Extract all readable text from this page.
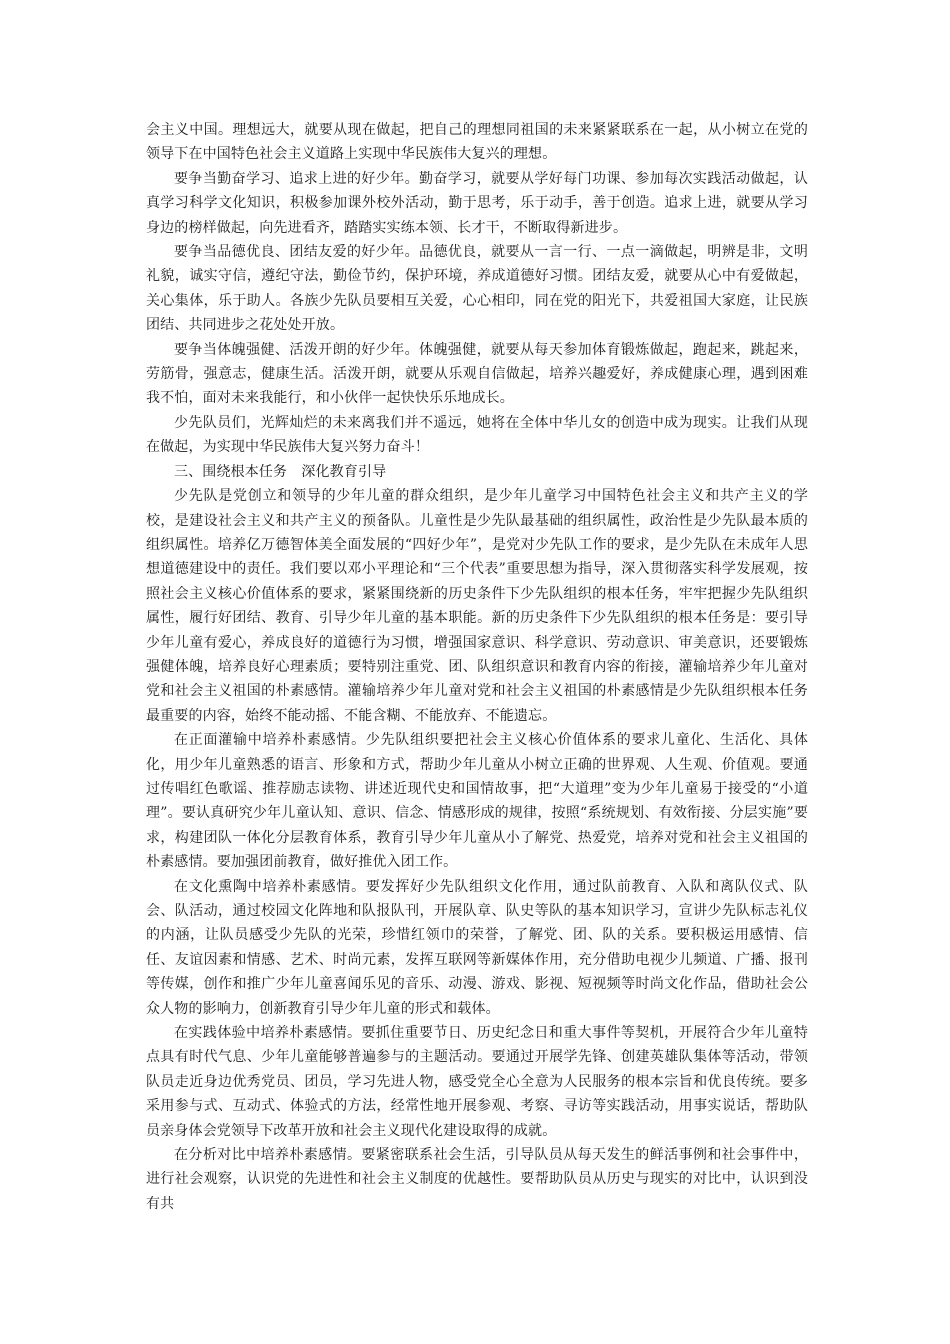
会主义中国。理想远大，就要从现在做起，把自己的理想同祖国的未来紧紧联系在一起，从小树立在党的领导下在中国特色社会主义道路上实现中华民族伟大复兴的理想。

要争当勤奋学习、追求上进的好少年。勤奋学习，就要从学好每门功课、参加每次实践活动做起，认真学习科学文化知识，积极参加课外校外活动，勤于思考，乐于动手，善于创造。追求上进，就要从学习身边的榜样做起，向先进看齐，踏踏实实练本领、长才干，不断取得新进步。

要争当品德优良、团结友爱的好少年。品德优良，就要从一言一行、一点一滴做起，明辨是非，文明礼貌，诚实守信，遵纪守法，勤俭节约，保护环境，养成道德好习惯。团结友爱，就要从心中有爱做起，关心集体，乐于助人。各族少先队员要相互关爱，心心相印，同在党的阳光下，共爱祖国大家庭，让民族团结、共同进步之花处处开放。

要争当体魄强健、活泼开朗的好少年。体魄强健，就要从每天参加体育锻炼做起，跑起来，跳起来，劳筋骨，强意志，健康生活。活泼开朗，就要从乐观自信做起，培养兴趣爱好，养成健康心理，遇到困难我不怕，面对未来我能行，和小伙伴一起快快乐乐地成长。

少先队员们，光辉灿烂的未来离我们并不遥远，她将在全体中华儿女的创造中成为现实。让我们从现在做起，为实现中华民族伟大复兴努力奋斗！

三、围绕根本任务　深化教育引导

少先队是党创立和领导的少年儿童的群众组织，是少年儿童学习中国特色社会主义和共产主义的学校，是建设社会主义和共产主义的预备队。儿童性是少先队最基础的组织属性，政治性是少先队最本质的组织属性。培养亿万德智体美全面发展的“四好少年”，是党对少先队工作的要求，是少先队在未成年人思想道德建设中的责任。我们要以邓小平理论和“三个代表”重要思想为指导，深入贯彻落实科学发展观，按照社会主义核心价值体系的要求，紧紧围绕新的历史条件下少先队组织的根本任务，牢牢把握少先队组织属性，履行好团结、教育、引导少年儿童的基本职能。新的历史条件下少先队组织的根本任务是：要引导少年儿童有爱心，养成良好的道德行为习惯，增强国家意识、科学意识、劳动意识、审美意识，还要锻炼强健体魄，培养良好心理素质；要特别注重党、团、队组织意识和教育内容的衔接，灌输培养少年儿童对党和社会主义祖国的朴素感情。灌输培养少年儿童对党和社会主义祖国的朴素感情是少先队组织根本任务最重要的内容，始终不能动摇、不能含糊、不能放弃、不能遗忘。

在正面灌输中培养朴素感情。少先队组织要把社会主义核心价值体系的要求儿童化、生活化、具体化，用少年儿童熟悉的语言、形象和方式，帮助少年儿童从小树立正确的世界观、人生观、价值观。要通过传唱红色歌谣、推荐励志读物、讲述近现代史和国情故事，把“大道理”变为少年儿童易于接受的“小道理”。要认真研究少年儿童认知、意识、信念、情感形成的规律，按照“系统规划、有效衔接、分层实施”要求，构建团队一体化分层教育体系，教育引导少年儿童从小了解党、热爱党，培养对党和社会主义祖国的朴素感情。要加强团前教育，做好推优入团工作。

在文化熏陶中培养朴素感情。要发挥好少先队组织文化作用，通过队前教育、入队和离队仪式、队会、队活动，通过校园文化阵地和队报队刊，开展队章、队史等队的基本知识学习，宣讲少先队标志礼仪的内涵，让队员感受少先队的光荣，珍惜红领巾的荣誉，了解党、团、队的关系。要积极运用感情、信任、友谊因素和情感、艺术、时尚元素，发挥互联网等新媒体作用，充分借助电视少儿频道、广播、报刊等传媒，创作和推广少年儿童喜闻乐见的音乐、动漫、游戏、影视、短视频等时尚文化作品，借助社会公众人物的影响力，创新教育引导少年儿童的形式和载体。

在实践体验中培养朴素感情。要抓住重要节日、历史纪念日和重大事件等契机，开展符合少年儿童特点具有时代气息、少年儿童能够普遍参与的主题活动。要通过开展学先锋、创建英雄队集体等活动，带领队员走近身边优秀党员、团员，学习先进人物，感受党全心全意为人民服务的根本宗旨和优良传统。要多采用参与式、互动式、体验式的方法，经常性地开展参观、考察、寻访等实践活动，用事实说话，帮助队员亲身体会党领导下改革开放和社会主义现代化建设取得的成就。

在分析对比中培养朴素感情。要紧密联系社会生活，引导队员从每天发生的鲜活事例和社会事件中，进行社会观察，认识党的先进性和社会主义制度的优越性。要帮助队员从历史与现实的对比中，认识到没有共
